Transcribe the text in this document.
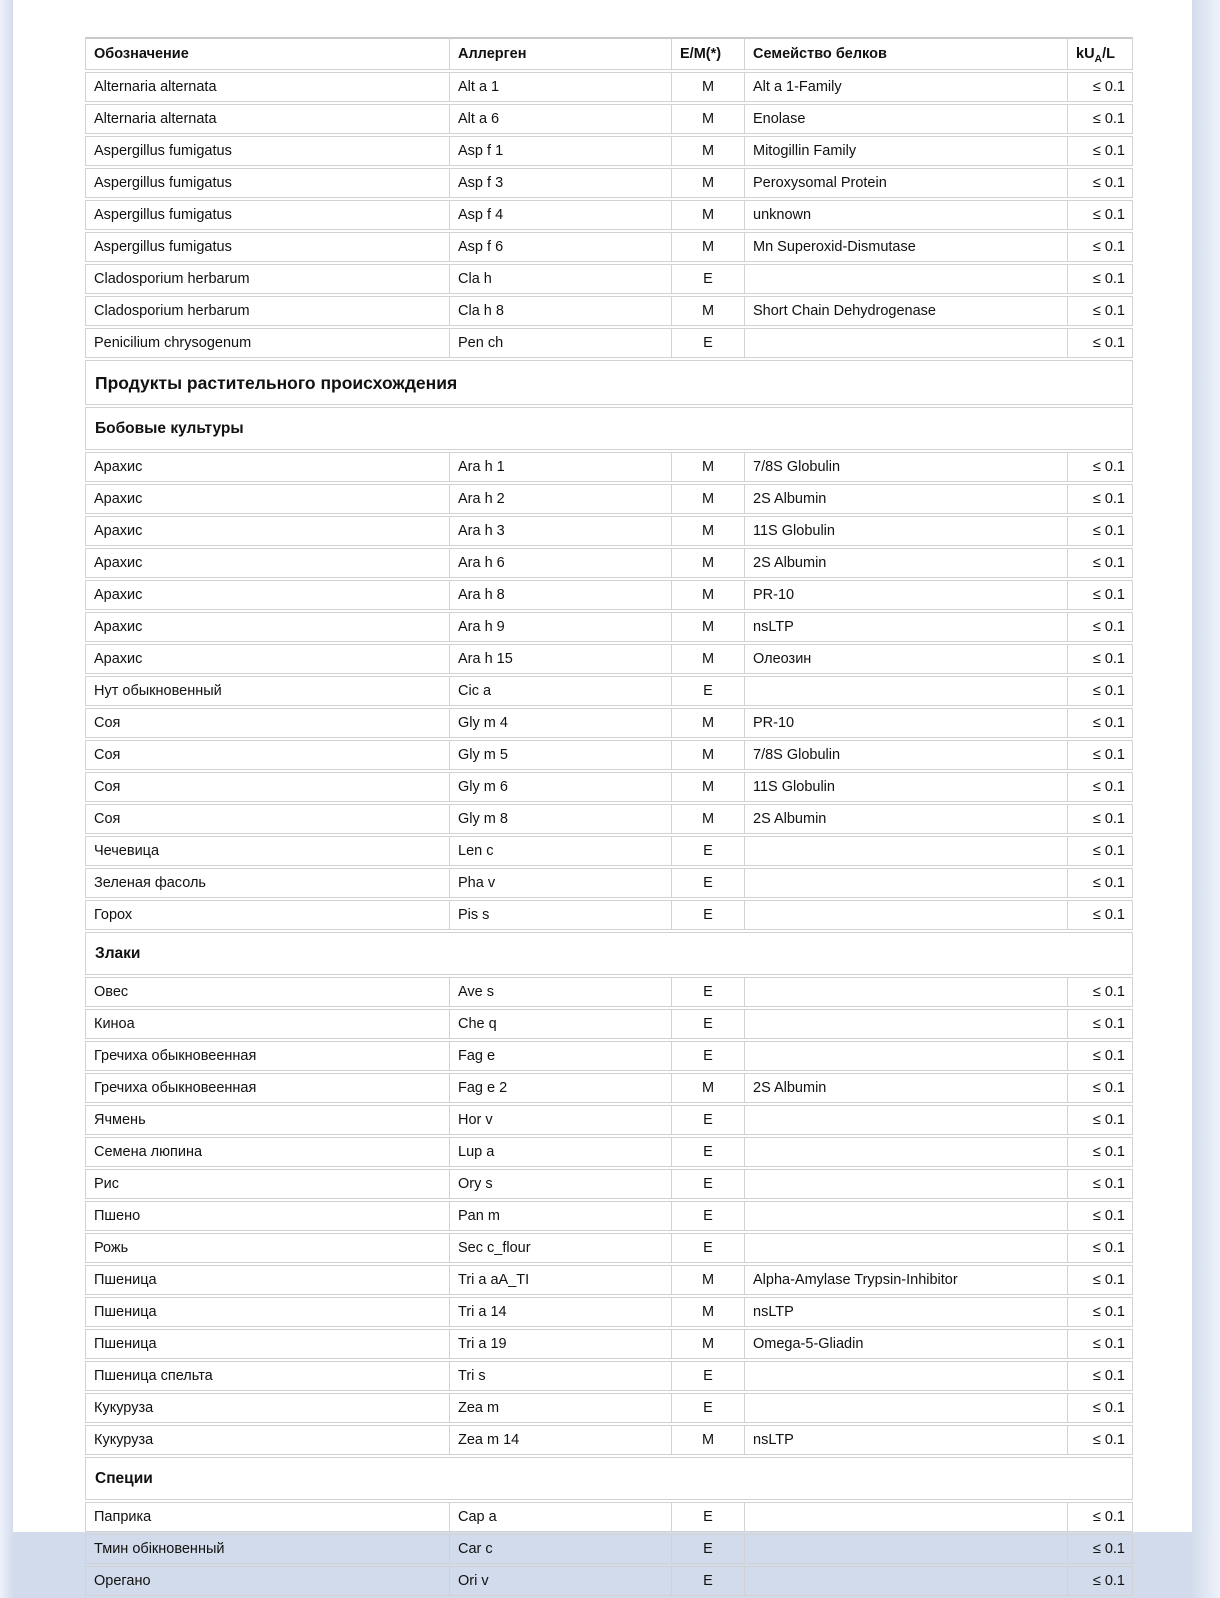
Обозначение	Аллерген	E/M(*)	Семейство белков	$kU_A/L$
Alternaria alternata	Alt a 1	M	Alt a 1-Family	≤ 0.1
Alternaria alternata	Alt a 6	M	Enolase	≤ 0.1
Aspergillus fumigatus	Asp f 1	M	Mitogillin Family	≤ 0.1
Aspergillus fumigatus	Asp f 3	M	Peroxysomal Protein	≤ 0.1
Aspergillus fumigatus	Asp f 4	M	unknown	≤ 0.1
Aspergillus fumigatus	Asp f 6	M	Mn Superoxid-Dismutase	≤ 0.1
Cladosporium herbarum	Cla h	E		≤ 0.1
Cladosporium herbarum	Cla h 8	M	Short Chain Dehydrogenase	≤ 0.1
Penicilium chrysogenum	Pen ch	E		≤ 0.1
Продукты растительного происхождения				
Бобовые культуры				
Арахис	Ara h 1	M	7/8S Globulin	≤ 0.1
Арахис	Ara h 2	M	2S Albumin	≤ 0.1
Арахис	Ara h 3	M	11S Globulin	≤ 0.1
Арахис	Ara h 6	M	2S Albumin	≤ 0.1
Арахис	Ara h 8	M	PR-10	≤ 0.1
Арахис	Ara h 9	M	nsLTP	≤ 0.1
Арахис	Ara h 15	M	Олеозин	≤ 0.1
Нут обыкновенный	Cic a	E		≤ 0.1
Соя	Gly m 4	M	PR-10	≤ 0.1
Соя	Gly m 5	M	7/8S Globulin	≤ 0.1
Соя	Gly m 6	M	11S Globulin	≤ 0.1
Соя	Gly m 8	M	2S Albumin	≤ 0.1
Чечевица	Len c	E		≤ 0.1
Зеленая фасоль	Pha v	E		≤ 0.1
Горох	Pis s	E		≤ 0.1
Злаки				
Овес	Ave s	E		≤ 0.1
Киноа	Che q	E		≤ 0.1
Гречиха обыкновеенная	Fag e	E		≤ 0.1
Гречиха обыкновеенная	Fag e 2	M	2S Albumin	≤ 0.1
Ячмень	Hor v	E		≤ 0.1
Семена люпина	Lup a	E		≤ 0.1
Рис	Ory s	E		≤ 0.1
Пшено	Pan m	E		≤ 0.1
Рожь	Sec c_flour	E		≤ 0.1
Пшеница	Tri a aA_TI	M	Alpha-Amylase Trypsin-Inhibitor	≤ 0.1
Пшеница	Tri a 14	M	nsLTP	≤ 0.1
Пшеница	Tri a 19	M	Omega-5-Gliadin	≤ 0.1
Пшеница спельта	Tri s	E		≤ 0.1
Кукуруза	Zea m	E		≤ 0.1
Кукуруза	Zea m 14	M	nsLTP	≤ 0.1
Специи				
Паприка	Cap a	E		≤ 0.1
Тмин обікновенный	Car c	E		≤ 0.1
Орегано	Ori v	E		≤ 0.1
